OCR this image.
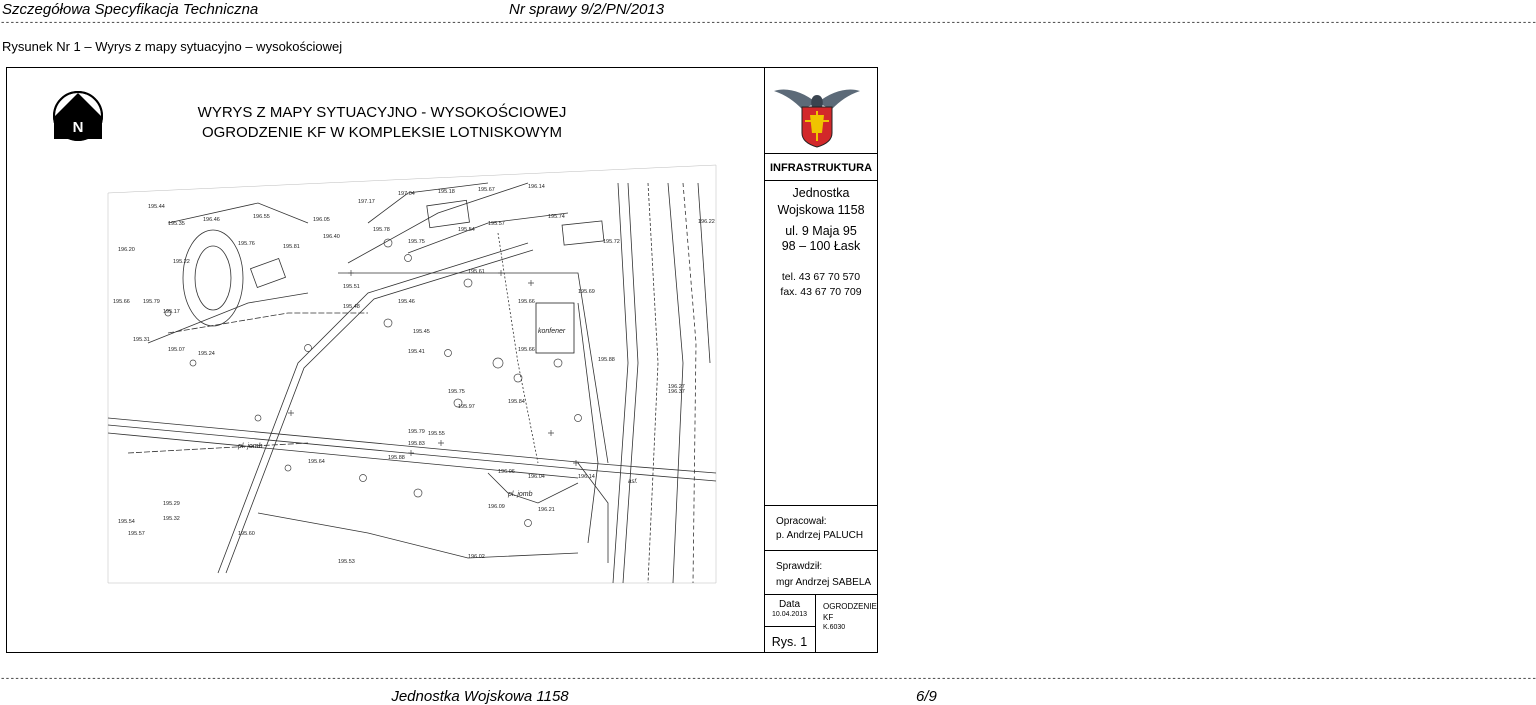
Szczegółowa Specyfikacja Techniczna	Nr sprawy 9/2/PN/2013
--------------------------------------------------------------------------------------------------------------------------------------------------------------------------------------------------------------------------------------------------------------------------------------------------------------------------------
Rysunek Nr 1 – Wyrys z mapy sytuacyjno – wysokościowej
N
WYRYS Z MAPY SYTUACYJNO - WYSOKOŚCIOWEJ
OGRODZENIE KF W KOMPLEKSIE LOTNISKOWYM
195.44
195.35
196.46	196.55	196.05
197.17
197.04	195.18	195.67	196.14
196.20
195.22
195.76	195.81
196.40
195.78
195.75
195.54
195.57
195.74
195.66 195.79
195.17
195.51
195.48
195.46
195.61
195.66
195.69
195.72
195.31
195.07
195.24	195.41
195.45
195.66
195.88
196.27
195.75
195.97
195.84
195.79 195.55
195.83
195.88
195.64
196.06
196.04	196.14
196.21
195.29
195.32
195.60
195.53
196.02
196.09
195.54
195.57
196.37
196.22
konfener
pl. jomb
pl. jomb
asf.
INFRASTRUKTURA
Jednostka
Wojskowa 1158
ul. 9 Maja 95
98 – 100 Łask
tel. 43 67 70 570
fax. 43 67 70 709
Opracował:
p. Andrzej PALUCH
Sprawdził:
mgr Andrzej SABELA
Data
10.04.2013
Rys. 1
OGRODZENIE
KF
K.6030
--------------------------------------------------------------------------------------------------------------------------------------------------------------------------------------------------------------------------------------------------------------------------------------------------------------------------------
Jednostka Wojskowa 1158	6/9
